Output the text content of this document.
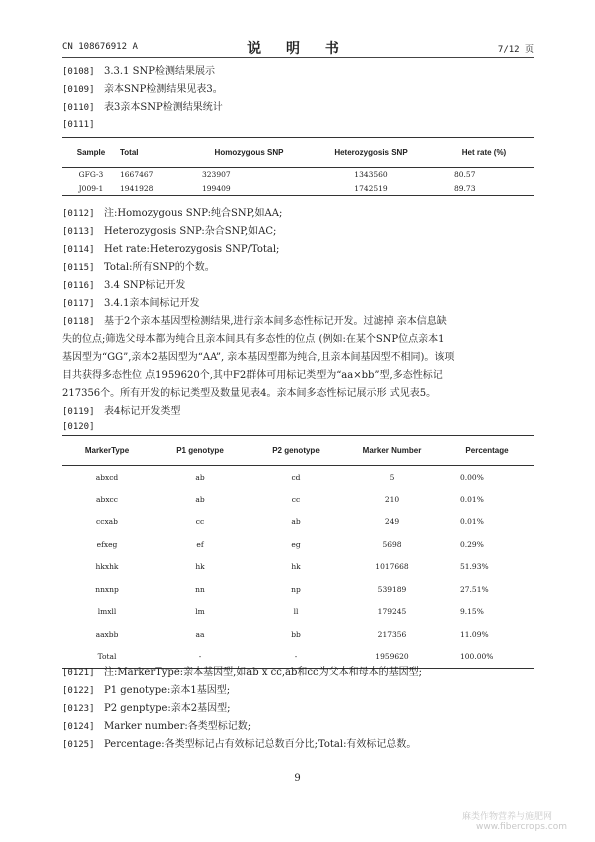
CN 108676912 A	说 明 书	7/12 页
[0108] 3.3.1 SNP检测结果展示
[0109] 亲本SNP检测结果见表3。
[0110] 表3亲本SNP检测结果统计
[0111]
Sample	Total	Homozygous SNP	Heterozygosis SNP	Het rate (%)
GFG-3	1667467	323907	1343560	80.57
J009-1	1941928	199409	1742519	89.73
[0112] 注:Homozygous SNP:纯合SNP,如AA;
[0113] Heterozygosis SNP:杂合SNP,如AC;
[0114] Het rate:Heterozygosis SNP/Total;
[0115] Total:所有SNP的个数。
[0116] 3.4 SNP标记开发
[0117] 3.4.1亲本间标记开发
[0118] 基于2个亲本基因型检测结果,进行亲本间多态性标记开发。过滤掉 亲本信息缺
失的位点;筛选父母本都为纯合且亲本间具有多态性的位点 (例如:在某个SNP位点亲本1
基因型为“GG”,亲本2基因型为“AA”, 亲本基因型都为纯合,且亲本间基因型不相同)。该项
目共获得多态性位 点1959620个,其中F2群体可用标记类型为“aa×bb”型,多态性标记
217356个。所有开发的标记类型及数量见表4。亲本间多态性标记展示形 式见表5。
[0119] 表4标记开发类型
[0120]
MarkerType	P1 genotype	P2 genotype	Marker Number	Percentage
abxcd	ab	cd	5	0.00%
abxcc	ab	cc	210	0.01%
ccxab	cc	ab	249	0.01%
efxeg	ef	eg	5698	0.29%
hkxhk	hk	hk	1017668	51.93%
nnxnp	nn	np	539189	27.51%
lmxll	lm	ll	179245	9.15%
aaxbb	aa	bb	217356	11.09%
Total	-	-	1959620	100.00%
[0121] 注:MarkerType:亲本基因型,如ab x cc,ab和cc为父本和母本的基因型;
[0122] P1 genotype:亲本1基因型;
[0123] P2 genptype:亲本2基因型;
[0124] Marker number:各类型标记数;
[0125] Percentage:各类型标记占有效标记总数百分比;Total:有效标记总数。
9
麻类作物营养与施肥网
www.fibercrops.com
